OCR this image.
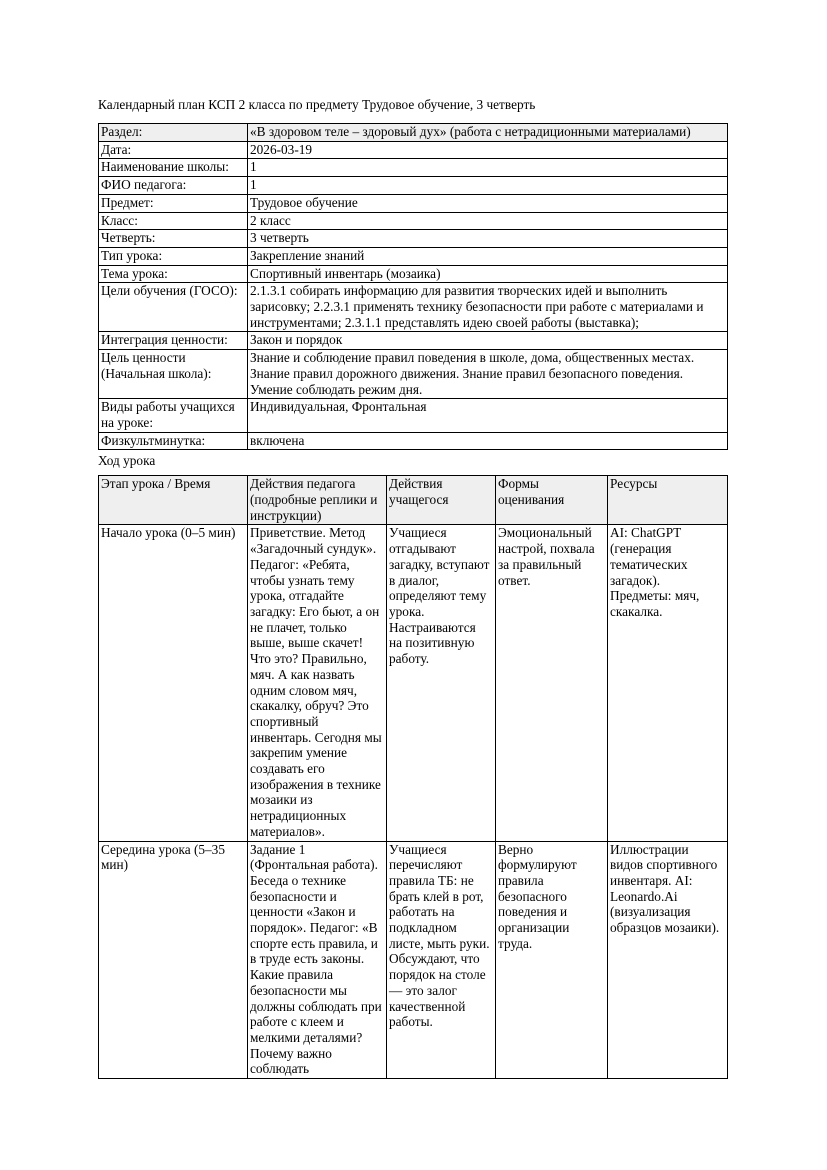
Календарный план КСП 2 класса по предмету Трудовое обучение, 3 четверть

Раздел:	«В здоровом теле – здоровый дух» (работа с нетрадиционными материалами)
Дата:	2026-03-19
Наименование школы:	1
ФИО педагога:	1
Предмет:	Трудовое обучение
Класс:	2 класс
Четверть:	3 четверть
Тип урока:	Закрепление знаний
Тема урока:	Спортивный инвентарь (мозаика)
Цели обучения (ГОСО):	2.1.3.1 собирать информацию для развития творческих идей и выполнить зарисовку; 2.2.3.1 применять технику безопасности при работе с материалами и инструментами; 2.3.1.1 представлять идею своей работы (выставка);
Интеграция ценности:	Закон и порядок
Цель ценности (Начальная школа):	Знание и соблюдение правил поведения в школе, дома, общественных местах. Знание правил дорожного движения. Знание правил безопасного поведения. Умение соблюдать режим дня.
Виды работы учащихся на уроке:	Индивидуальная, Фронтальная
Физкультминутка:	включена

Ход урока

Этап урока / Время	Действия педагога (подробные реплики и инструкции)	Действия учащегося	Формы оценивания	Ресурсы
Начало урока (0–5 мин)	Приветствие. Метод «Загадочный сундук». Педагог: «Ребята, чтобы узнать тему урока, отгадайте загадку: Его бьют, а он не плачет, только выше, выше скачет! Что это? Правильно, мяч. А как назвать одним словом мяч, скакалку, обруч? Это спортивный инвентарь. Сегодня мы закрепим умение создавать его изображения в технике мозаики из нетрадиционных материалов».	Учащиеся отгадывают загадку, вступают в диалог, определяют тему урока. Настраиваются на позитивную работу.	Эмоциональный настрой, похвала за правильный ответ.	AI: ChatGPT (генерация тематических загадок). Предметы: мяч, скакалка.
Середина урока (5–35 мин)	Задание 1 (Фронтальная работа). Беседа о технике безопасности и ценности «Закон и порядок». Педагог: «В спорте есть правила, и в труде есть законы. Какие правила безопасности мы должны соблюдать при работе с клеем и мелкими деталями? Почему важно соблюдать	Учащиеся перечисляют правила ТБ: не брать клей в рот, работать на подкладном листе, мыть руки. Обсуждают, что порядок на столе — это залог качественной работы.	Верно формулируют правила безопасного поведения и организации труда.	Иллюстрации видов спортивного инвентаря. AI: Leonardo.Ai (визуализация образцов мозаики).
